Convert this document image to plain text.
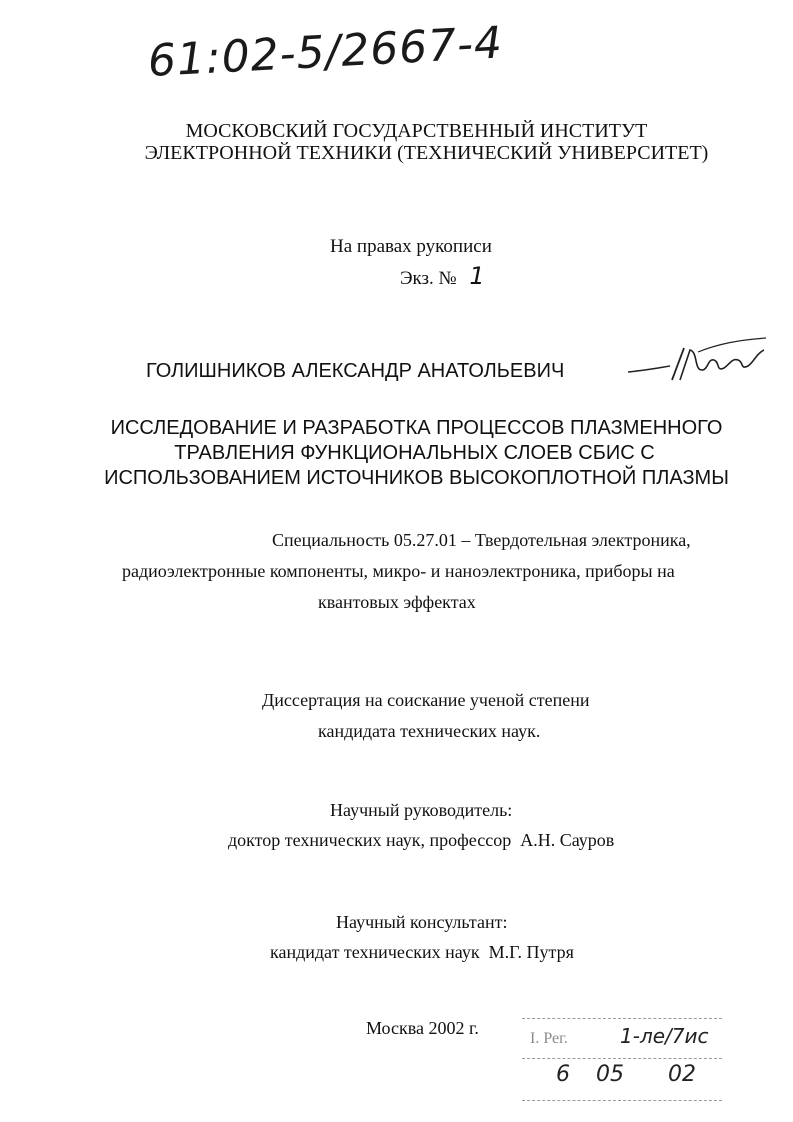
61:02-5/2667-4
МОСКОВСКИЙ ГОСУДАРСТВЕННЫЙ ИНСТИТУТ
ЭЛЕКТРОННОЙ ТЕХНИКИ (ТЕХНИЧЕСКИЙ УНИВЕРСИТЕТ)
На правах рукописи
Экз. № 1
ГОЛИШНИКОВ АЛЕКСАНДР АНАТОЛЬЕВИЧ
ИССЛЕДОВАНИЕ И РАЗРАБОТКА ПРОЦЕССОВ ПЛАЗМЕННОГО
ТРАВЛЕНИЯ ФУНКЦИОНАЛЬНЫХ СЛОЕВ СБИС С
ИСПОЛЬЗОВАНИЕМ ИСТОЧНИКОВ ВЫСОКОПЛОТНОЙ ПЛАЗМЫ
Специальность 05.27.01 – Твердотельная электроника,
радиоэлектронные компоненты, микро- и наноэлектроника, приборы на
квантовых эффектах
Диссертация на соискание ученой степени
кандидата технических наук.
Научный руководитель:
доктор технических наук, профессор  А.Н. Сауров
Научный консультант:
кандидат технических наук  М.Г. Путря
Москва 2002 г.
I. Рег.	1-ле/7ис
6 05 02
